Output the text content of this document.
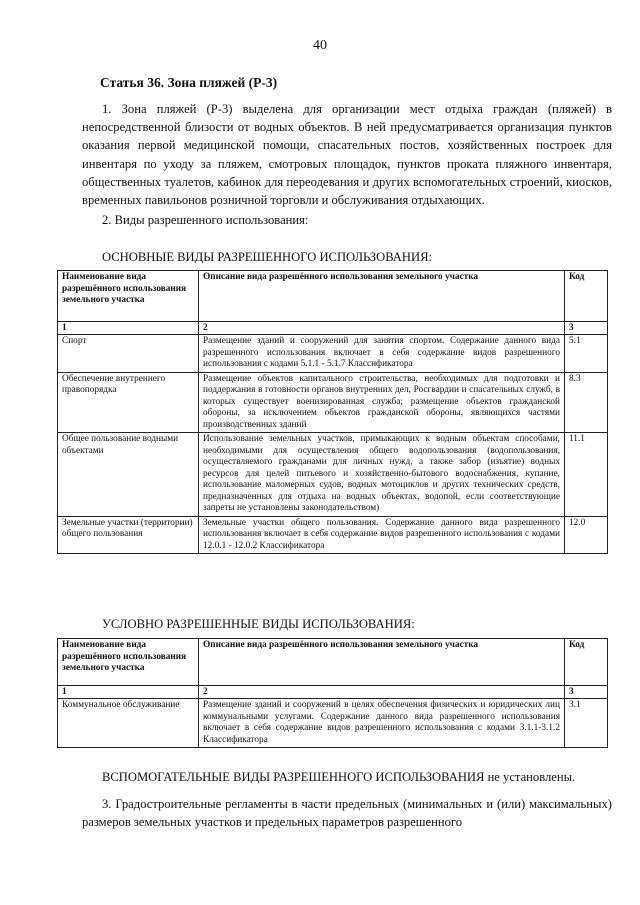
40
Статья 36. Зона пляжей (Р-3)

1. Зона пляжей (Р-3) выделена для организации мест отдыха граждан (пляжей) в непосредственной близости от водных объектов. В ней предусматривается организация пунктов оказания первой медицинской помощи, спасательных постов, хозяйственных построек для инвентаря по уходу за пляжем, смотровых площадок, пунктов проката пляжного инвентаря, общественных туалетов, кабинок для переодевания и других вспомогательных строений, киосков, временных павильонов розничной торговли и обслуживания отдыхающих.

2. Виды разрешенного использования:

ОСНОВНЫЕ ВИДЫ РАЗРЕШЕННОГО ИСПОЛЬЗОВАНИЯ:

Наименование вида разрешённого использования земельного участка	Описание вида разрешённого использования земельного участка	Код
1	2	3
Спорт	Размещение зданий и сооружений для занятия спортом. Содержание данного вида разрешенного использования включает в себя содержание видов разрешенного использования с кодами 5.1.1 - 5.1.7 Классификатора	5.1
Обеспечение внутреннего правопорядка	Размещение объектов капитального строительства, необходимых для подготовки и поддержания в готовности органов внутренних дел, Росгвардии и спасательных служб, в которых существует военизированная служба; размещение объектов гражданской обороны, за исключением объектов гражданской обороны, являющихся частями производственных зданий	8.3
Общее пользование водными объектами	Использование земельных участков, примыкающих к водным объектам способами, необходимыми для осуществления общего водопользования (водопользования, осуществляемого гражданами для личных нужд, а также забор (изъятие) водных ресурсов для целей питьевого и хозяйственно-бытового водоснабжения, купание, использование маломерных судов, водных мотоциклов и других технических средств, предназначенных для отдыха на водных объектах, водопой, если соответствующие запреты не установлены законодательством)	11.1
Земельные участки (территории) общего пользования	Земельные участки общего пользования. Содержание данного вида разрешенного использования включает в себя содержание видов разрешенного использования с кодами 12.0.1 - 12.0.2 Классификатора	12.0

УСЛОВНО РАЗРЕШЕННЫЕ ВИДЫ ИСПОЛЬЗОВАНИЯ:

Наименование вида разрешённого использования земельного участка	Описание вида разрешённого использования земельного участка	Код
1	2	3
Коммунальное обслуживание	Размещение зданий и сооружений в целях обеспечения физических и юридических лиц коммунальными услугами. Содержание данного вида разрешенного использования включает в себя содержание видов разрешенного использования с кодами 3.1.1-3.1.2 Классификатора	3.1

ВСПОМОГАТЕЛЬНЫЕ ВИДЫ РАЗРЕШЕННОГО ИСПОЛЬЗОВАНИЯ не установлены.

3. Градостроительные регламенты в части предельных (минимальных и (или) максимальных) размеров земельных участков и предельных параметров разрешенного
